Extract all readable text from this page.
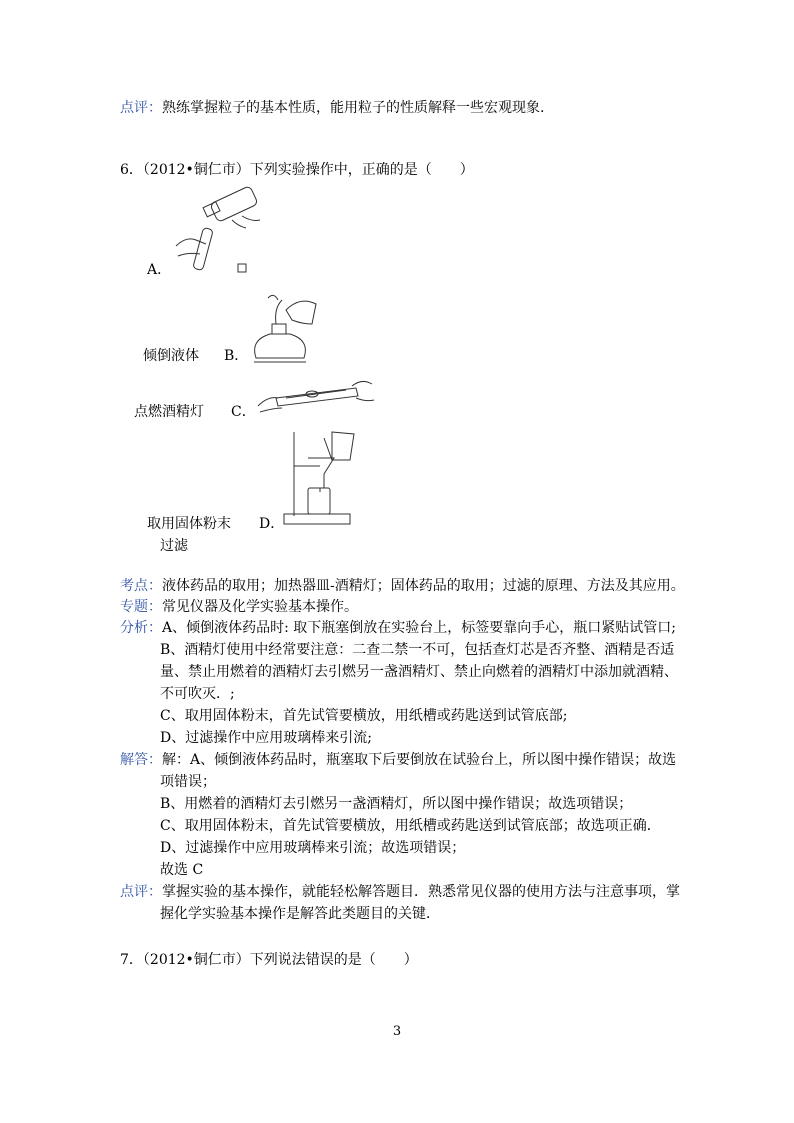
点评：熟练掌握粒子的基本性质，能用粒子的性质解释一些宏观现象.
6．（2012•铜仁市）下列实验操作中，正确的是（　　）
A．
倾倒液体 B．
点燃酒精灯 C．
取用固体粉末 D．
过滤
考点：液体药品的取用；加热器皿-酒精灯；固体药品的取用；过滤的原理、方法及其应用。
专题：常见仪器及化学实验基本操作。
分析：A、倾倒液体药品时: 取下瓶塞倒放在实验台上，标签要靠向手心，瓶口紧贴试管口;
B、酒精灯使用中经常要注意：二查二禁一不可，包括查灯芯是否齐整、酒精是否适
量、禁止用燃着的酒精灯去引燃另一盏酒精灯、禁止向燃着的酒精灯中添加就酒精、
不可吹灭．;
C、取用固体粉末，首先试管要横放，用纸槽或药匙送到试管底部;
D、过滤操作中应用玻璃棒来引流;
解答：解：A、倾倒液体药品时，瓶塞取下后要倒放在试验台上，所以图中操作错误；故选
项错误；
B、用燃着的酒精灯去引燃另一盏酒精灯，所以图中操作错误；故选项错误；
C、取用固体粉末，首先试管要横放，用纸槽或药匙送到试管底部；故选项正确．
D、过滤操作中应用玻璃棒来引流；故选项错误；
故选 C
点评：掌握实验的基本操作，就能轻松解答题目．熟悉常见仪器的使用方法与注意事项，掌
握化学实验基本操作是解答此类题目的关键．
7．（2012•铜仁市）下列说法错误的是（　　）
3
